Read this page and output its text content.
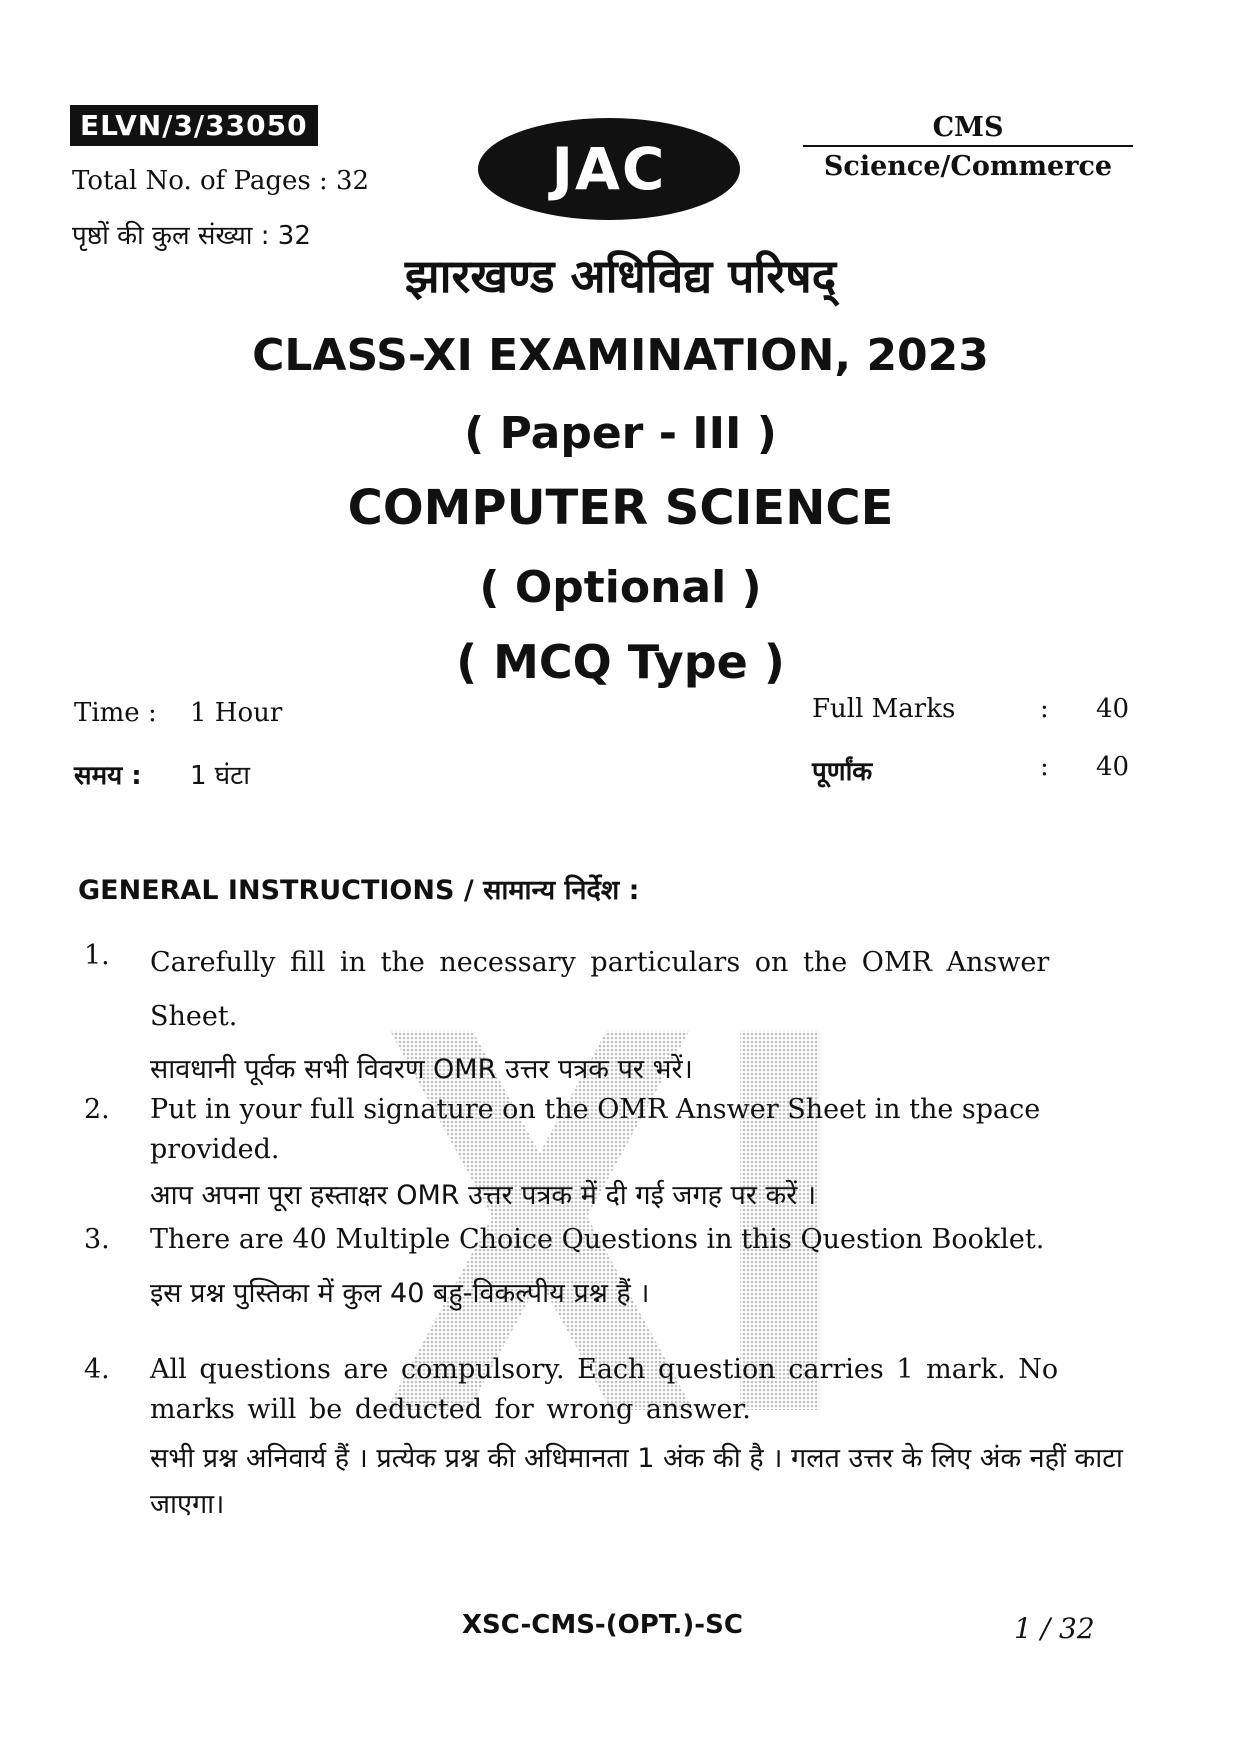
ELVN/3/33050
Total No. of Pages : 32
पृष्ठों की कुल संख्या : 32
JAC
CMS
Science/Commerce
झारखण्ड अधिविद्य परिषद्
CLASS-XI EXAMINATION, 2023
( Paper - III )
COMPUTER SCIENCE
( Optional )
( MCQ Type )
Time : 1 Hour
समय : 1 घंटा
Full Marks	: 40
पूर्णांक	: 40
XI
GENERAL INSTRUCTIONS / सामान्य निर्देश :
1. Carefully fill in the necessary particulars on the OMR Answer Sheet.
सावधानी पूर्वक सभी विवरण OMR उत्तर पत्रक पर भरें।
2. Put in your full signature on the OMR Answer Sheet in the space provided.
आप अपना पूरा हस्ताक्षर OMR उत्तर पत्रक में दी गई जगह पर करें ।
3. There are 40 Multiple Choice Questions in this Question Booklet.
इस प्रश्न पुस्तिका में कुल 40 बहु-विकल्पीय प्रश्न हैं ।
4. All questions are compulsory. Each question carries 1 mark. No marks will be deducted for wrong answer.
सभी प्रश्न अनिवार्य हैं । प्रत्येक प्रश्न की अधिमानता 1 अंक की है । गलत उत्तर के लिए अंक नहीं काटा जाएगा।
XSC-CMS-(OPT.)-SC	1 / 32
